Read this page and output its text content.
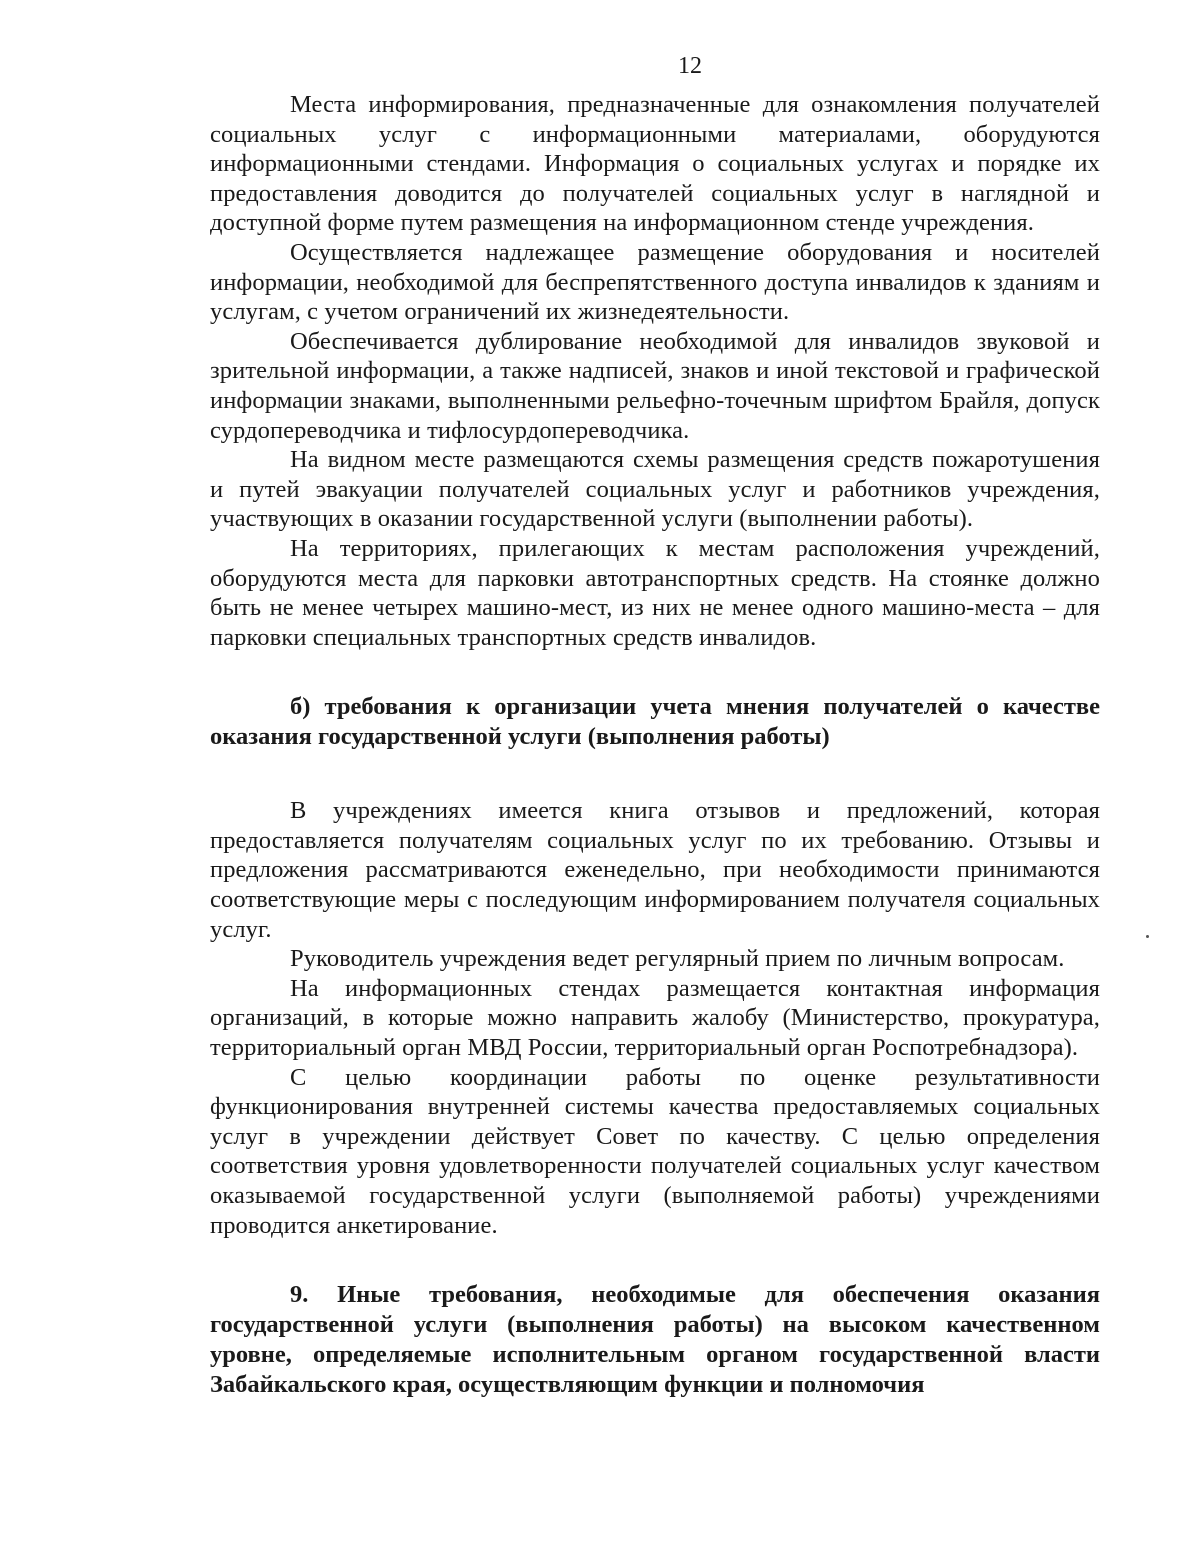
12

Места информирования, предназначенные для ознакомления получателей социальных услуг с информационными материалами, оборудуются информационными стендами. Информация о социальных услугах и порядке их предоставления доводится до получателей социальных услуг в наглядной и доступной форме путем размещения на информационном стенде учреждения.

Осуществляется надлежащее размещение оборудования и носителей информации, необходимой для беспрепятственного доступа инвалидов к зданиям и услугам, с учетом ограничений их жизнедеятельности.

Обеспечивается дублирование необходимой для инвалидов звуковой и зрительной информации, а также надписей, знаков и иной текстовой и графической информации знаками, выполненными рельефно-точечным шрифтом Брайля, допуск сурдопереводчика и тифлосурдопереводчика.

На видном месте размещаются схемы размещения средств пожаротушения и путей эвакуации получателей социальных услуг и работников учреждения, участвующих в оказании государственной услуги (выполнении работы).

На территориях, прилегающих к местам расположения учреждений, оборудуются места для парковки автотранспортных средств. На стоянке должно быть не менее четырех машино-мест, из них не менее одного машино-места – для парковки специальных транспортных средств инвалидов.

б) требования к организации учета мнения получателей о качестве оказания государственной услуги (выполнения работы)

В учреждениях имеется книга отзывов и предложений, которая предоставляется получателям социальных услуг по их требованию. Отзывы и предложения рассматриваются еженедельно, при необходимости принимаются соответствующие меры с последующим информированием получателя социальных услуг.

Руководитель учреждения ведет регулярный прием по личным вопросам.

На информационных стендах размещается контактная информация организаций, в которые можно направить жалобу (Министерство, прокуратура, территориальный орган МВД России, территориальный орган Роспотребнадзора).

С целью координации работы по оценке результативности функционирования внутренней системы качества предоставляемых социальных услуг в учреждении действует Совет по качеству. С целью определения соответствия уровня удовлетворенности получателей социальных услуг качеством оказываемой государственной услуги (выполняемой работы) учреждениями проводится анкетирование.

9. Иные требования, необходимые для обеспечения оказания государственной услуги (выполнения работы) на высоком качественном уровне, определяемые исполнительным органом государственной власти Забайкальского края, осуществляющим функции и полномочия
